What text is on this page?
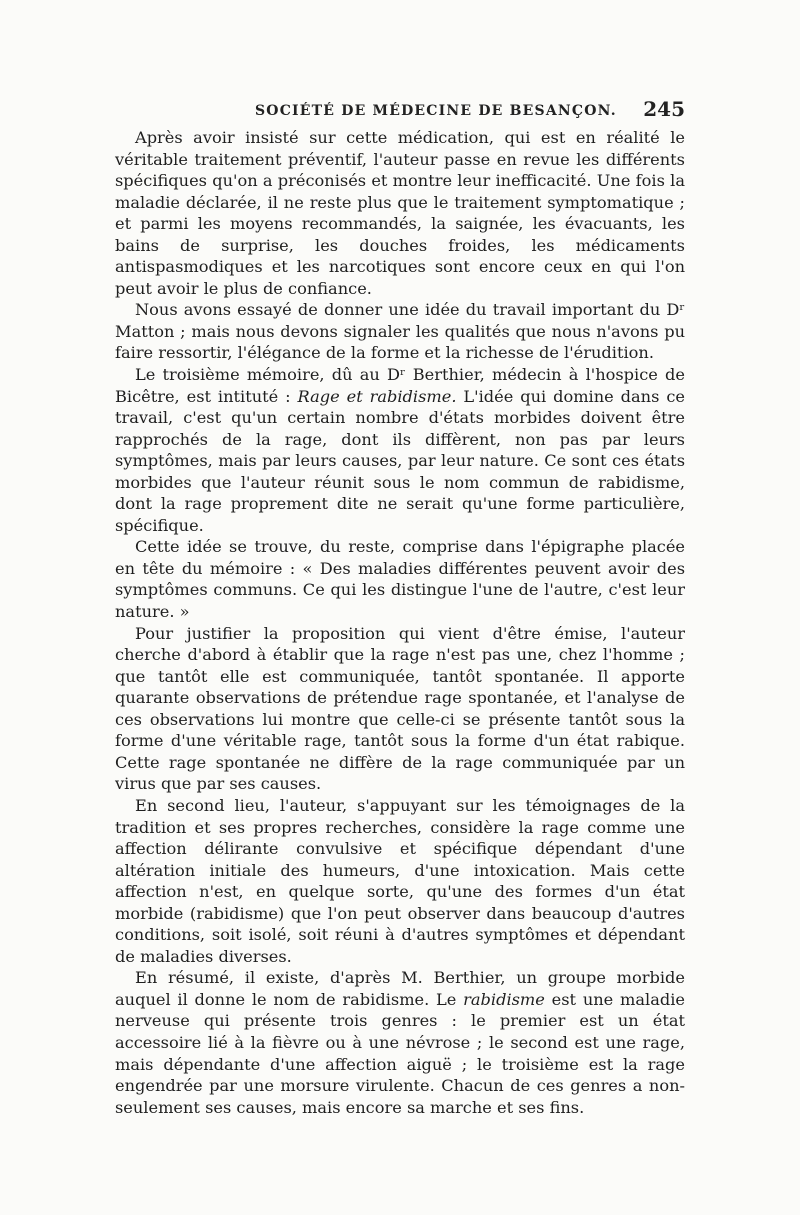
SOCIÉTÉ DE MÉDECINE DE BESANÇON. 245

Après avoir insisté sur cette médication, qui est en réalité le véritable traitement préventif, l'auteur passe en revue les différents spécifiques qu'on a préconisés et montre leur inefficacité. Une fois la maladie déclarée, il ne reste plus que le traitement symptomatique ; et parmi les moyens recommandés, la saignée, les évacuants, les bains de surprise, les douches froides, les médicaments antispasmodiques et les narcotiques sont encore ceux en qui l'on peut avoir le plus de confiance.

Nous avons essayé de donner une idée du travail important du Dʳ Matton ; mais nous devons signaler les qualités que nous n'avons pu faire ressortir, l'élégance de la forme et la richesse de l'érudition.

Le troisième mémoire, dû au Dʳ Berthier, médecin à l'hospice de Bicêtre, est intituté : Rage et rabidisme. L'idée qui domine dans ce travail, c'est qu'un certain nombre d'états morbides doivent être rapprochés de la rage, dont ils diffèrent, non pas par leurs symptômes, mais par leurs causes, par leur nature. Ce sont ces états morbides que l'auteur réunit sous le nom commun de rabidisme, dont la rage proprement dite ne serait qu'une forme particulière, spécifique.

Cette idée se trouve, du reste, comprise dans l'épigraphe placée en tête du mémoire : « Des maladies différentes peuvent avoir des symptômes communs. Ce qui les distingue l'une de l'autre, c'est leur nature. »

Pour justifier la proposition qui vient d'être émise, l'auteur cherche d'abord à établir que la rage n'est pas une, chez l'homme ; que tantôt elle est communiquée, tantôt spontanée. Il apporte quarante observations de prétendue rage spontanée, et l'analyse de ces observations lui montre que celle-ci se présente tantôt sous la forme d'une véritable rage, tantôt sous la forme d'un état rabique. Cette rage spontanée ne diffère de la rage communiquée par un virus que par ses causes.

En second lieu, l'auteur, s'appuyant sur les témoignages de la tradition et ses propres recherches, considère la rage comme une affection délirante convulsive et spécifique dépendant d'une altération initiale des humeurs, d'une intoxication. Mais cette affection n'est, en quelque sorte, qu'une des formes d'un état morbide (rabidisme) que l'on peut observer dans beaucoup d'autres conditions, soit isolé, soit réuni à d'autres symptômes et dépendant de maladies diverses.

En résumé, il existe, d'après M. Berthier, un groupe morbide auquel il donne le nom de rabidisme. Le rabidisme est une maladie nerveuse qui présente trois genres : le premier est un état accessoire lié à la fièvre ou à une névrose ; le second est une rage, mais dépendante d'une affection aiguë ; le troisième est la rage engendrée par une morsure virulente. Chacun de ces genres a non-seulement ses causes, mais encore sa marche et ses fins.
